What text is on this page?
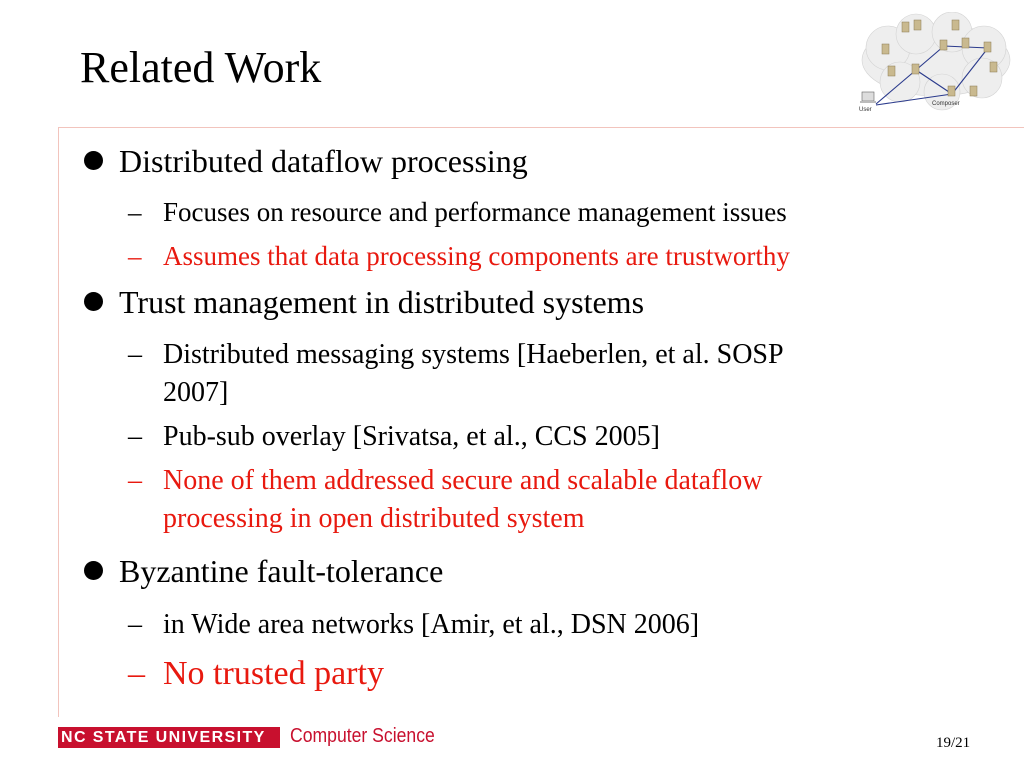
Related Work
User
Composer
Distributed dataflow processing
– Focuses on resource and performance management issues
– Assumes that data processing components are trustworthy
Trust management in distributed systems
– Distributed messaging systems [Haeberlen, et al. SOSP
2007]
– Pub-sub overlay [Srivatsa, et al., CCS 2005]
– None of them addressed secure and scalable dataflow
processing in open distributed system
Byzantine fault-tolerance
– in Wide area networks [Amir, et al., DSN 2006]
– No trusted party
NC STATE UNIVERSITY	Computer Science	19/21
